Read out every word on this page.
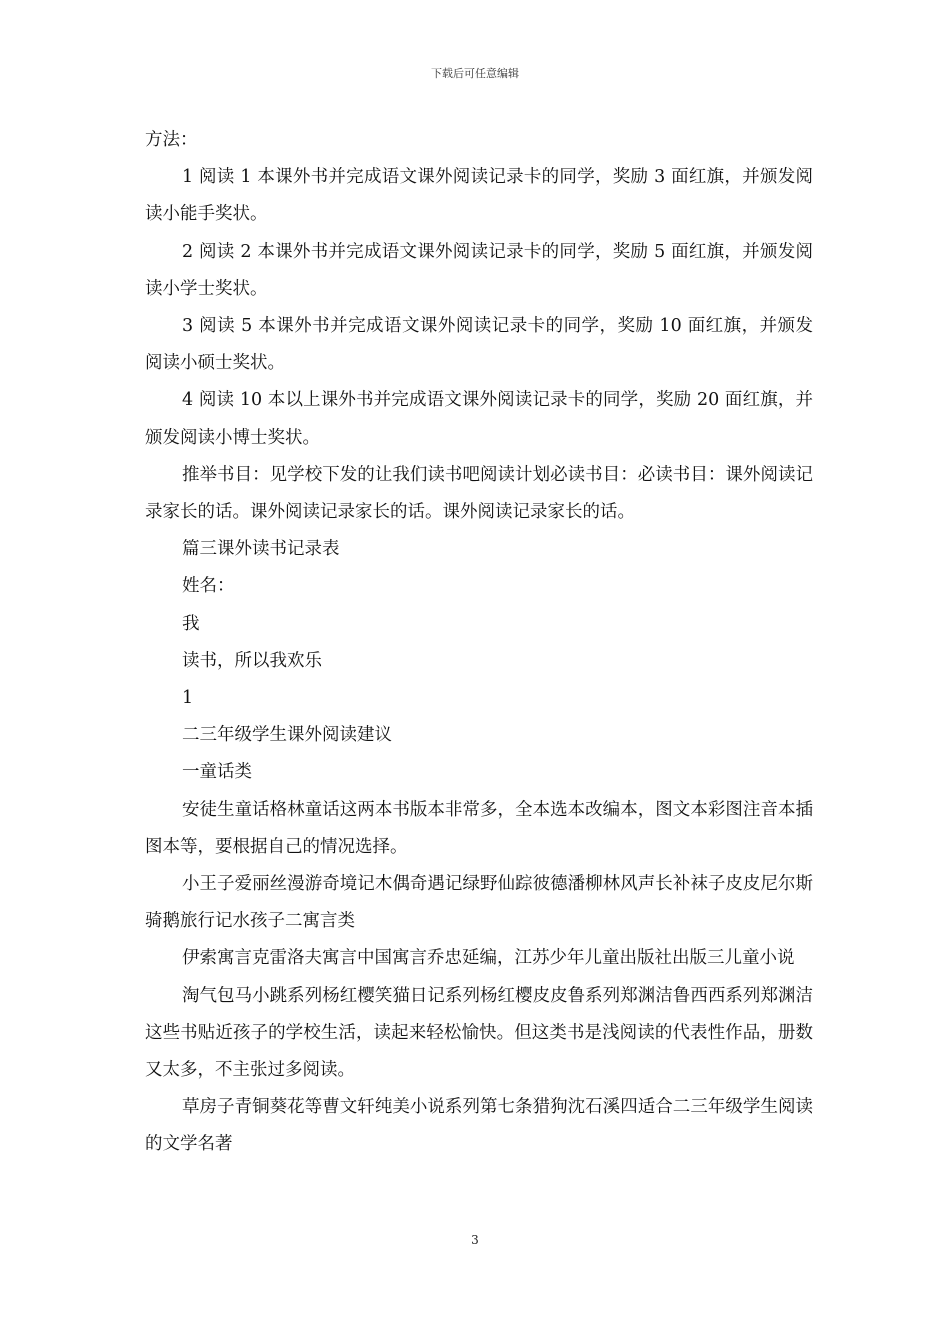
下载后可任意编辑

方法：

1 阅读 1 本课外书并完成语文课外阅读记录卡的同学，奖励 3 面红旗，并颁发阅读小能手奖状。

2 阅读 2 本课外书并完成语文课外阅读记录卡的同学，奖励 5 面红旗，并颁发阅读小学士奖状。

3 阅读 5 本课外书并完成语文课外阅读记录卡的同学，奖励 10 面红旗，并颁发阅读小硕士奖状。

4 阅读 10 本以上课外书并完成语文课外阅读记录卡的同学，奖励 20 面红旗，并颁发阅读小博士奖状。

推举书目：见学校下发的让我们读书吧阅读计划必读书目：必读书目：课外阅读记录家长的话。课外阅读记录家长的话。课外阅读记录家长的话。

篇三课外读书记录表

姓名：

我

读书，所以我欢乐

1

二三年级学生课外阅读建议

一童话类

安徒生童话格林童话这两本书版本非常多，全本选本改编本，图文本彩图注音本插图本等，要根据自己的情况选择。

小王子爱丽丝漫游奇境记木偶奇遇记绿野仙踪彼德潘柳林风声长补袜子皮皮尼尔斯骑鹅旅行记水孩子二寓言类

伊索寓言克雷洛夫寓言中国寓言乔忠延编，江苏少年儿童出版社出版三儿童小说

淘气包马小跳系列杨红樱笑猫日记系列杨红樱皮皮鲁系列郑渊洁鲁西西系列郑渊洁这些书贴近孩子的学校生活，读起来轻松愉快。但这类书是浅阅读的代表性作品，册数又太多，不主张过多阅读。

草房子青铜葵花等曹文轩纯美小说系列第七条猎狗沈石溪四适合二三年级学生阅读的文学名著

3
